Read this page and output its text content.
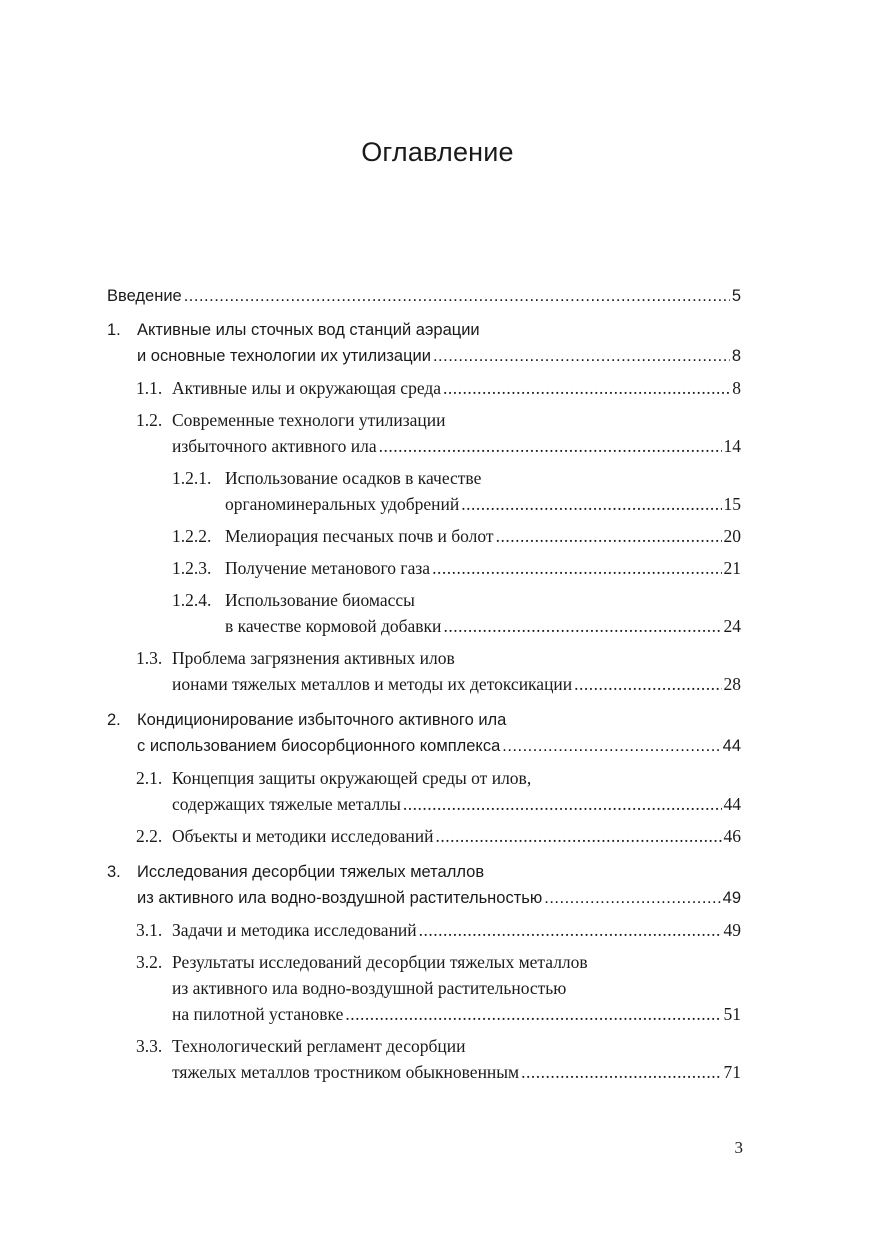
Оглавление
Введение .....	5
1. Активные илы сточных вод станций аэрации
и основные технологии их утилизации .....	8
1.1. Активные илы и окружающая среда .....	8
1.2. Современные технологи утилизации
избыточного активного ила .....	14
1.2.1. Использование осадков в качестве
органоминеральных удобрений .....	15
1.2.2. Мелиорация песчаных почв и болот .....	20
1.2.3. Получение метанового газа .....	21
1.2.4. Использование биомассы
в качестве кормовой добавки .....	24
1.3. Проблема загрязнения активных илов
ионами тяжелых металлов и методы их детоксикации .....	28
2. Кондиционирование избыточного активного ила
с использованием биосорбционного комплекса .....	44
2.1. Концепция защиты окружающей среды от илов,
содержащих тяжелые металлы .....	44
2.2. Объекты и методики исследований .....	46
3. Исследования десорбции тяжелых металлов
из активного ила водно-воздушной растительностью .....	49
3.1. Задачи и методика исследований .....	49
3.2. Результаты исследований десорбции тяжелых металлов
из активного ила водно-воздушной растительностью
на пилотной установке .....	51
3.3. Технологический регламент десорбции
тяжелых металлов тростником обыкновенным .....	71
3
